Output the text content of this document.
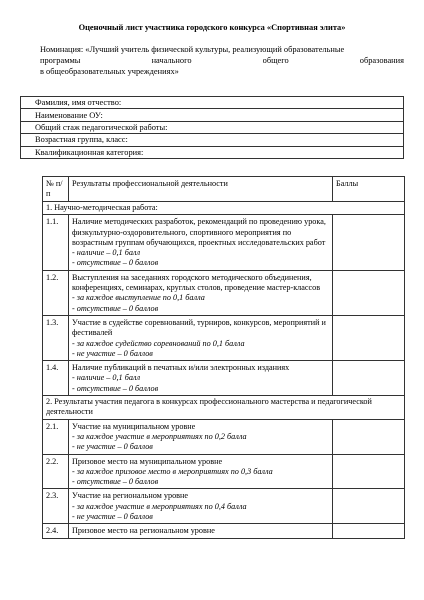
Оценочный лист участника городского конкурса «Спортивная элита»
Номинация: «Лучший учитель физической культуры, реализующий образовательные
программы	начального	общего	образования
в общеобразовательных учреждениях»
Фамилия, имя отчество:
Наименование ОУ:
Общий стаж педагогической работы:
Возрастная группа, класс:
Квалификационная категория:
№ п/п	Результаты профессиональной деятельности	Баллы
1. Научно-методическая работа:		
1.1.	Наличие методических разработок, рекомендаций по проведению урока, физкультурно-оздоровительного, спортивного мероприятия по возрастным группам обучающихся, проектных исследовательских работ
- наличие – 0,1 балл
- отсутствие – 0 баллов	

1.2.	Выступления на заседаниях городского методического объединения, конференциях, семинарах, круглых столов, проведение мастер-классов
- за каждое выступление по 0,1 балла
- отсутствие – 0 баллов	

1.3.	Участие в судействе соревнований, турниров, конкурсов, мероприятий и фестивалей
- за каждое судейство соревнований по 0,1 балла
- не участие – 0 баллов	

1.4.	Наличие публикаций в печатных и/или электронных изданиях
- наличие – 0,1 балл
- отсутствие – 0 баллов	

2. Результаты участия педагога в конкурсах профессионального мастерства и педагогической деятельности		
2.1.	Участие на муниципальном уровне
- за каждое участие в мероприятиях по 0,2 балла
- не участие – 0 баллов	

2.2.	Призовое место на муниципальном уровне
- за каждое призовое место в мероприятиях по 0,3 балла
- отсутствие – 0 баллов	

2.3.	Участие на региональном уровне
- за каждое участие в мероприятиях по 0,4 балла
- не участие – 0 баллов	

2.4.	Призовое место на региональном уровне	
